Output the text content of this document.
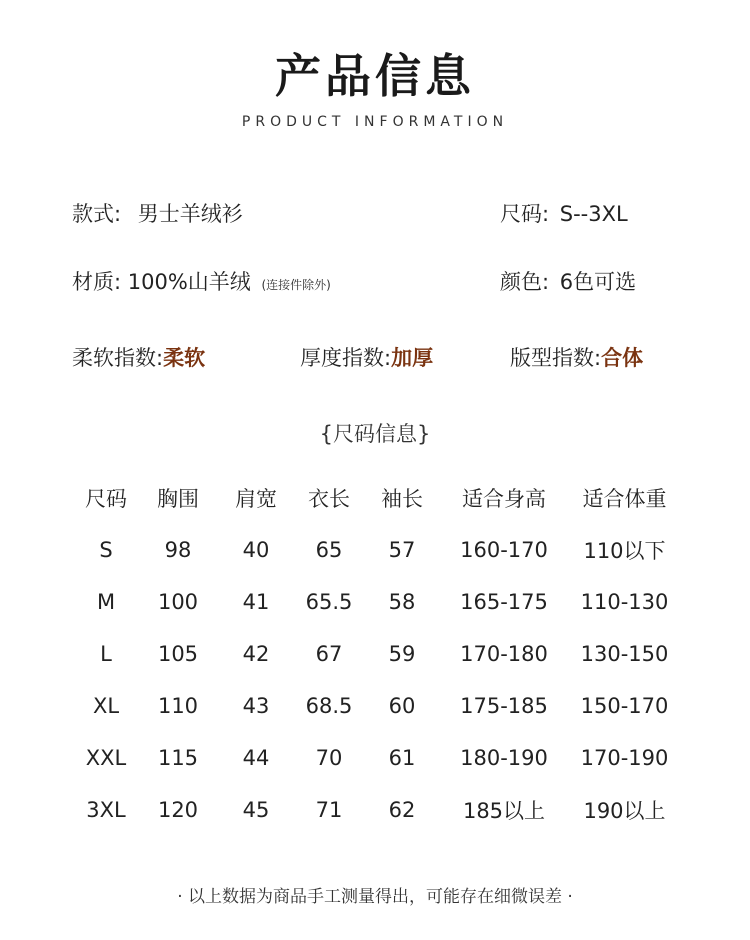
产品信息
PRODUCT INFORMATION
款式: 男士羊绒衫	尺码: S--3XL
材质: 100%山羊绒 (连接件除外)	颜色: 6色可选
柔软指数:柔软	厚度指数:加厚	版型指数:合体
{尺码信息}
尺码	胸围	肩宽	衣长	袖长	适合身高	适合体重
S	98	40	65	57	160-170	110以下
M	100	41	65.5	58	165-175	110-130
L	105	42	67	59	170-180	130-150
XL	110	43	68.5	60	175-185	150-170
XXL	115	44	70	61	180-190	170-190
3XL	120	45	71	62	185以上	190以上
· 以上数据为商品手工测量得出，可能存在细微误差 ·
